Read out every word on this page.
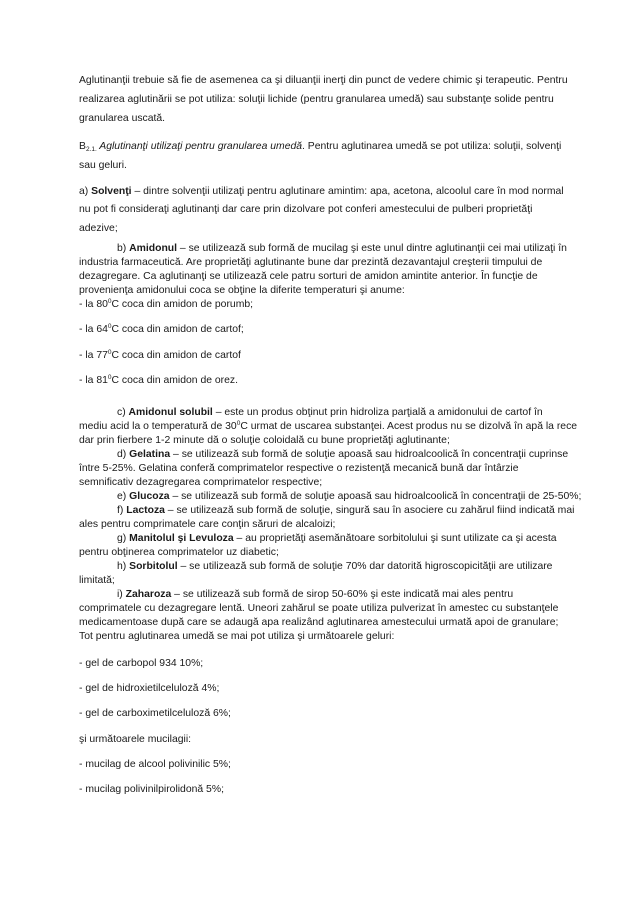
Aglutinanţii trebuie să fie de asemenea ca şi diluanţii inerţi din punct de vedere chimic şi terapeutic. Pentru
realizarea aglutinării se pot utiliza: soluţii lichide (pentru granularea umedă) sau substanţe solide pentru
granularea uscată.
$B_{2.1.}$ Aglutinanţi utilizaţi pentru granularea umedă. Pentru aglutinarea umedă se pot utiliza: soluţii, solvenţi
sau geluri.
a) Solvenţi – dintre solvenţii utilizaţi pentru aglutinare amintim: apa, acetona, alcoolul care în mod normal
nu pot fi consideraţi aglutinanţi dar care prin dizolvare pot conferi amestecului de pulberi proprietăţi
adezive;
b) Amidonul – se utilizează sub formă de mucilag şi este unul dintre aglutinanţii cei mai utilizaţi în
industria farmaceutică. Are proprietăţi aglutinante bune dar prezintă dezavantajul creşterii timpului de
dezagregare. Ca aglutinanţi se utilizează cele patru sorturi de amidon amintite anterior. În funcţie de
provenienţa amidonului coca se obţine la diferite temperaturi şi anume:
- la $80^0C$ coca din amidon de porumb;
- la $64^0C$ coca din amidon de cartof;
- la $77^0C$ coca din amidon de cartof
- la $81^0C$ coca din amidon de orez.
c) Amidonul solubil – este un produs obţinut prin hidroliza parţială a amidonului de cartof în
mediu acid la o temperatură de $30^0C$ urmat de uscarea substanţei. Acest produs nu se dizolvă în apă la rece
dar prin fierbere 1-2 minute dă o soluţie coloidală cu bune proprietăţi aglutinante;
d) Gelatina – se utilizează sub formă de soluţie apoasă sau hidroalcoolică în concentraţii cuprinse
între 5-25%. Gelatina conferă comprimatelor respective o rezistenţă mecanică bună dar întârzie
semnificativ dezagregarea comprimatelor respective;
e) Glucoza – se utilizează sub formă de soluţie apoasă sau hidroalcoolică în concentraţii de 25-50%;
f) Lactoza – se utilizează sub formă de soluţie, singură sau în asociere cu zahărul fiind indicată mai
ales pentru comprimatele care conţin săruri de alcaloizi;
g) Manitolul şi Levuloza – au proprietăţi asemănătoare sorbitolului şi sunt utilizate ca şi acesta
pentru obţinerea comprimatelor uz diabetic;
h) Sorbitolul – se utilizează sub formă de soluţie 70% dar datorită higroscopicităţii are utilizare
limitată;
i) Zaharoza – se utilizează sub formă de sirop 50-60% şi este indicată mai ales pentru
comprimatele cu dezagregare lentă. Uneori zahărul se poate utiliza pulverizat în amestec cu substanţele
medicamentoase după care se adaugă apa realizând aglutinarea amestecului urmată apoi de granulare;
Tot pentru aglutinarea umedă se mai pot utiliza şi următoarele geluri:
- gel de carbopol 934 10%;
- gel de hidroxietilceluloză 4%;
- gel de carboximetilceluloză 6%;
şi următoarele mucilagii:
- mucilag de alcool polivinilic 5%;
- mucilag polivinilpirolidonă 5%;
